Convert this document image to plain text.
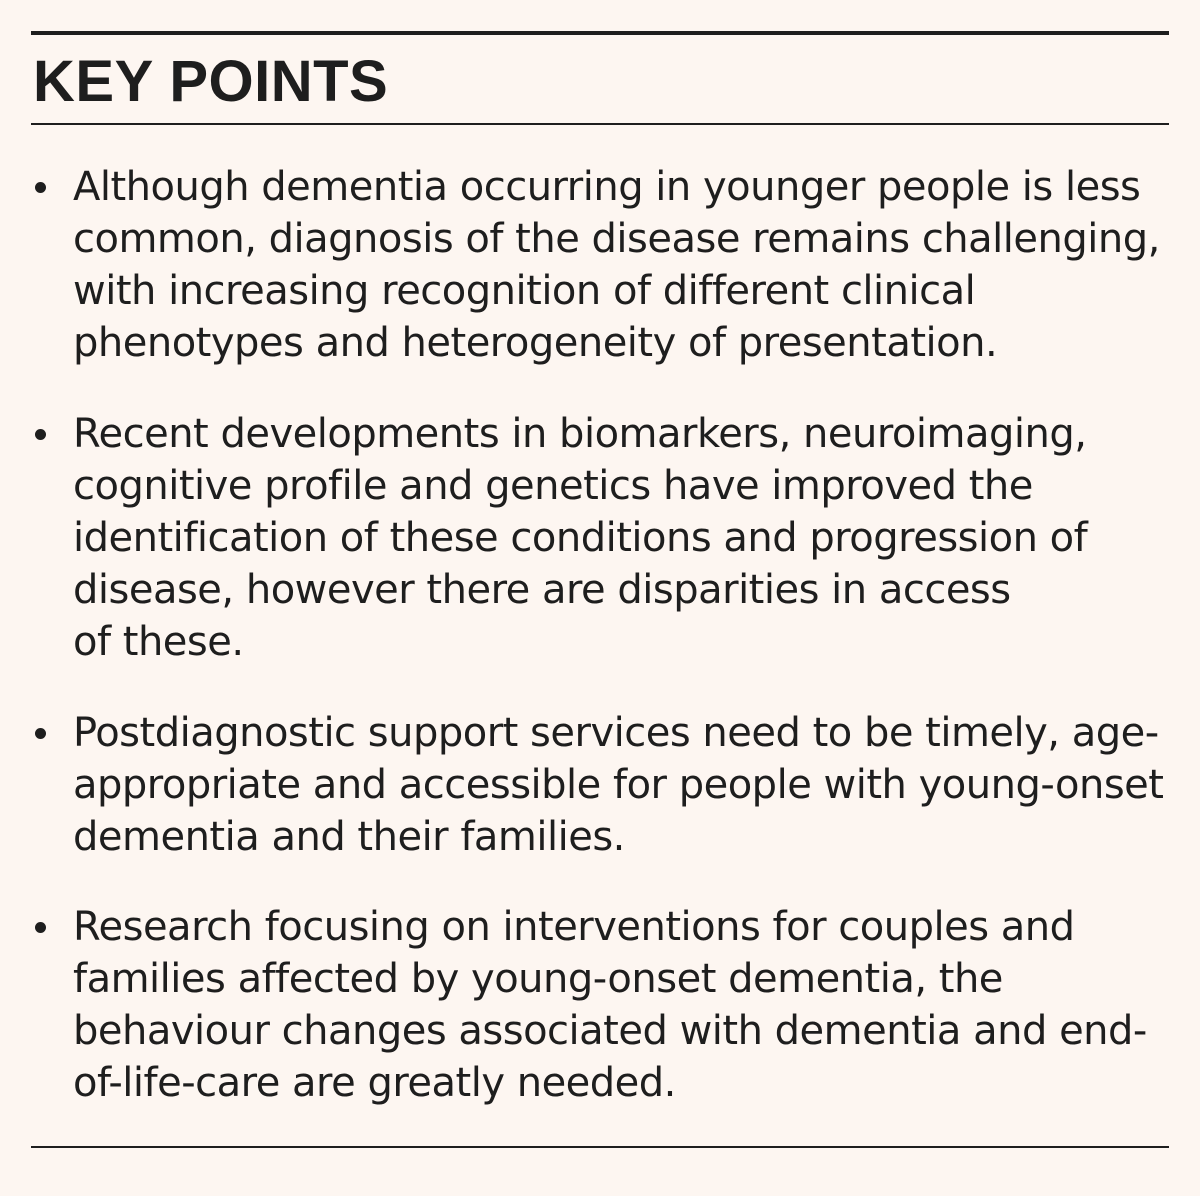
KEY POINTS
Although dementia occurring in younger people is less
common, diagnosis of the disease remains challenging,
with increasing recognition of different clinical
phenotypes and heterogeneity of presentation.
Recent developments in biomarkers, neuroimaging,
cognitive profile and genetics have improved the
identification of these conditions and progression of
disease, however there are disparities in access
of these.
Postdiagnostic support services need to be timely, age-
appropriate and accessible for people with young-onset
dementia and their families.
Research focusing on interventions for couples and
families affected by young-onset dementia, the
behaviour changes associated with dementia and end-
of-life-care are greatly needed.
